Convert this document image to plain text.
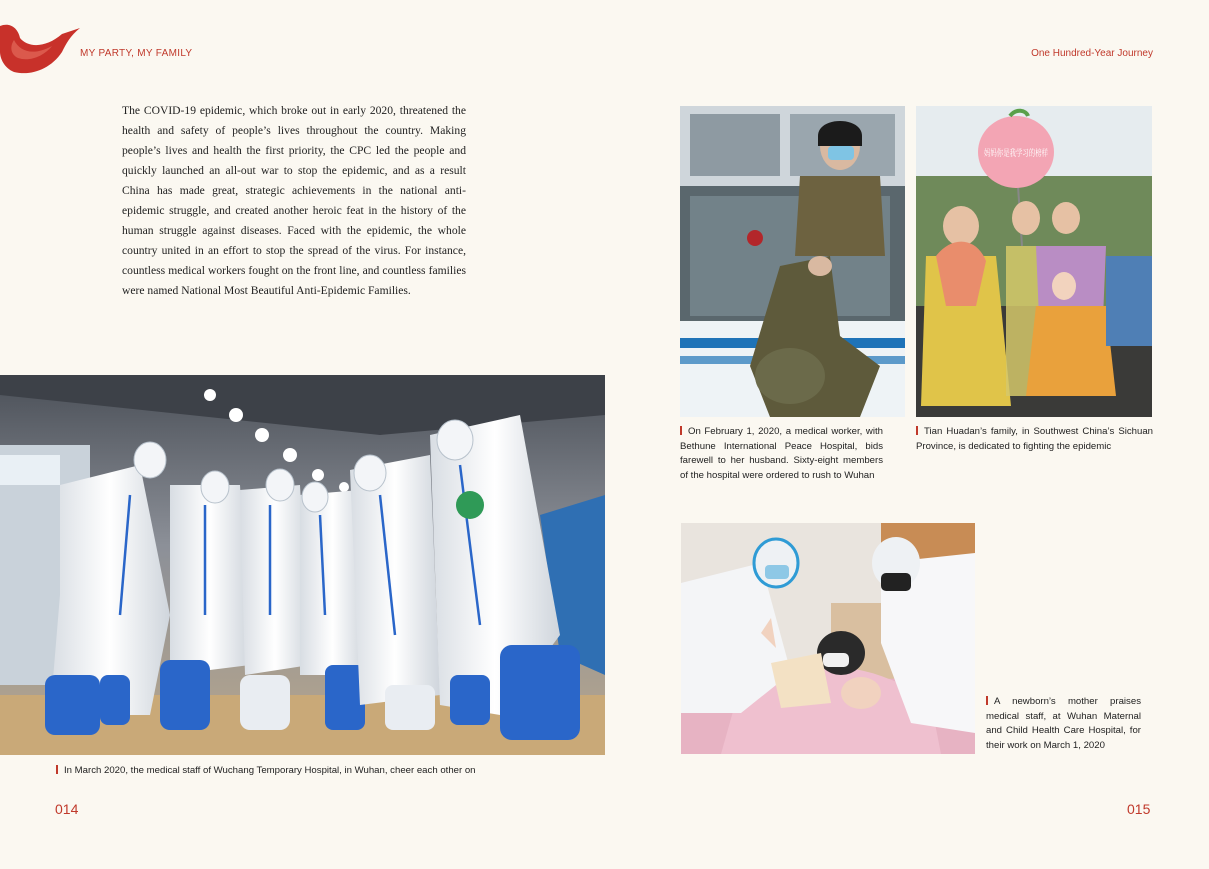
MY PARTY, MY FAMILY	One Hundred-Year Journey
The COVID-19 epidemic, which broke out in early 2020, threatened the health and safety of people’s lives throughout the country. Making people’s lives and health the first priority, the CPC led the people and quickly launched an all-out war to stop the epidemic, and as a result China has made great, strategic achievements in the national anti-epidemic struggle, and created another heroic feat in the history of the human struggle against diseases. Faced with the epidemic, the whole country united in an effort to stop the spread of the virus. For instance, countless medical workers fought on the front line, and countless families were named National Most Beautiful Anti-Epidemic Families.
In March 2020, the medical staff of Wuchang Temporary Hospital, in Wuhan, cheer each other on
On February 1, 2020, a medical worker, with Bethune International Peace Hospital, bids farewell to her husband. Sixty-eight members of the hospital were ordered to rush to Wuhan
妈妈你是我学习的榜样
Tian Huadan’s family, in Southwest China’s Sichuan Province, is dedicated to fighting the epidemic
A newborn’s mother praises medical staff, at Wuhan Maternal and Child Health Care Hospital, for their work on March 1, 2020
014	015
